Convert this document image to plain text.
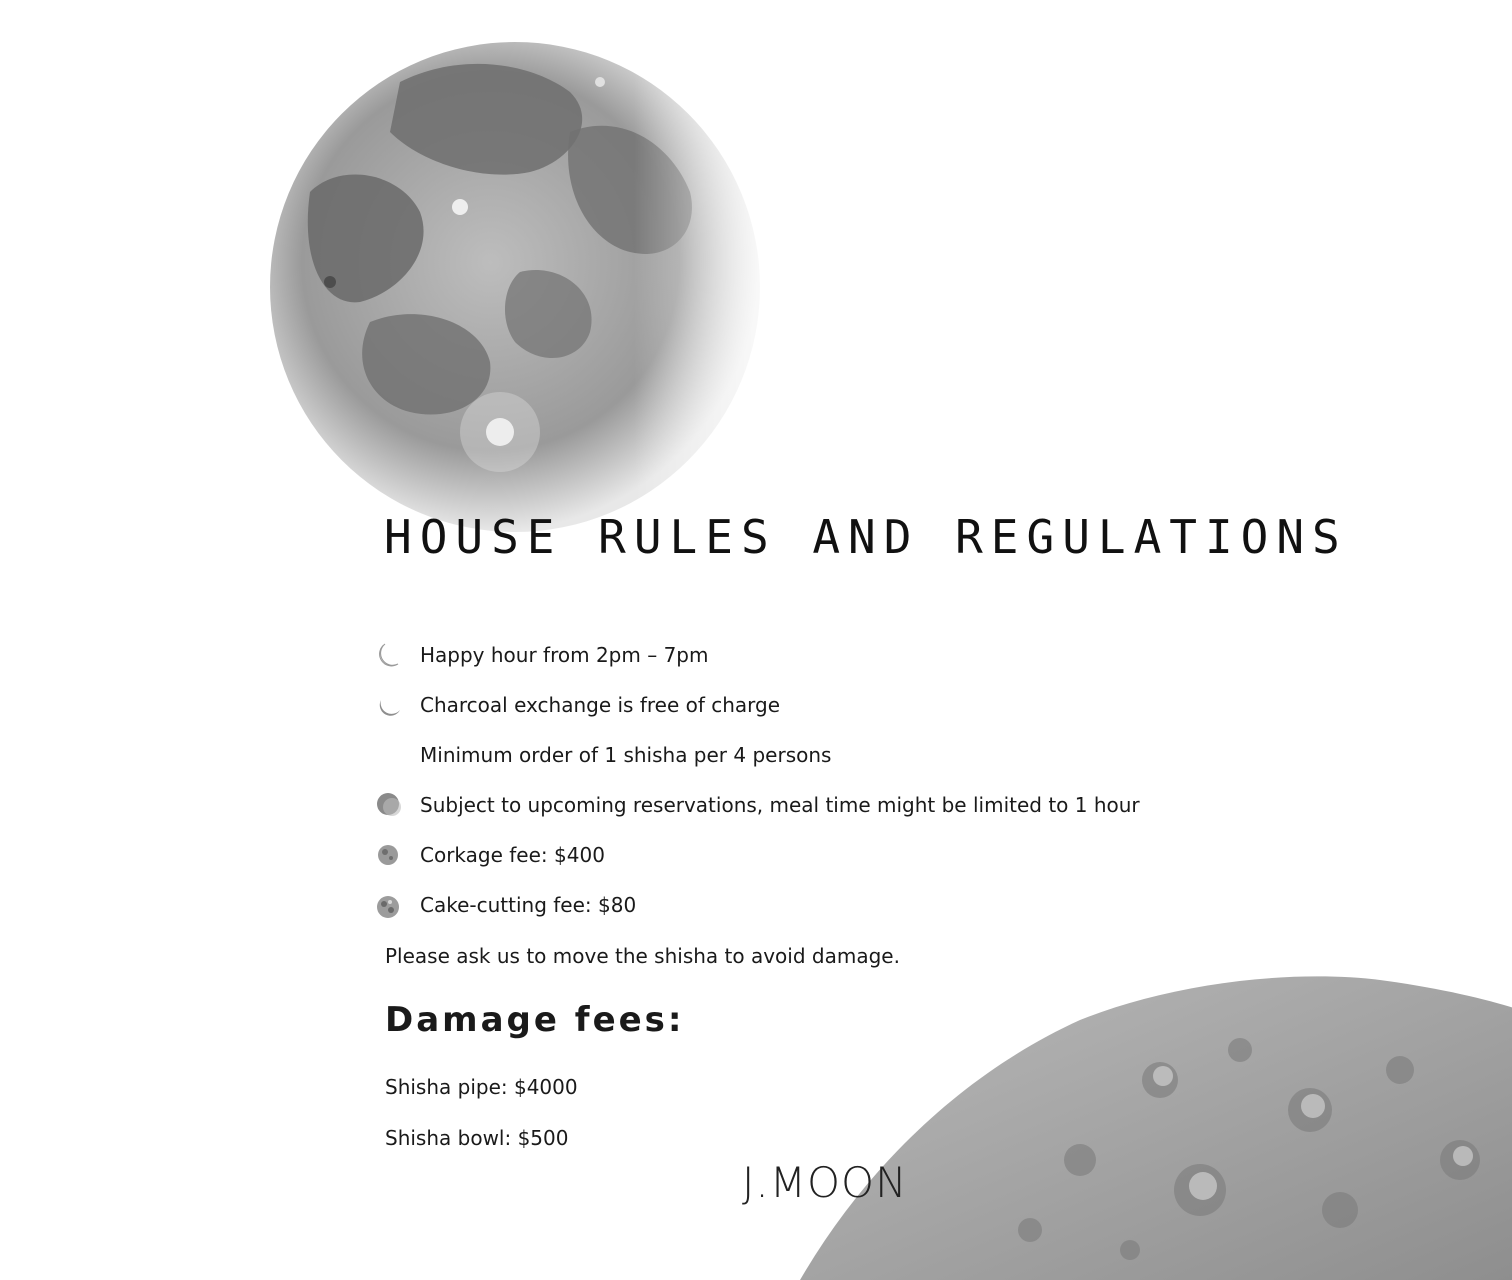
HOUSE RULES AND REGULATIONS
Happy hour from 2pm – 7pm
Charcoal exchange is free of charge
Minimum order of 1 shisha per 4 persons
Subject to upcoming reservations, meal time might be limited to 1 hour
Corkage fee: $400
Cake-cutting fee: $80

Please ask us to move the shisha to avoid damage.

Damage fees:

Shisha pipe: $4000

Shisha bowl: $500

J.MOON
